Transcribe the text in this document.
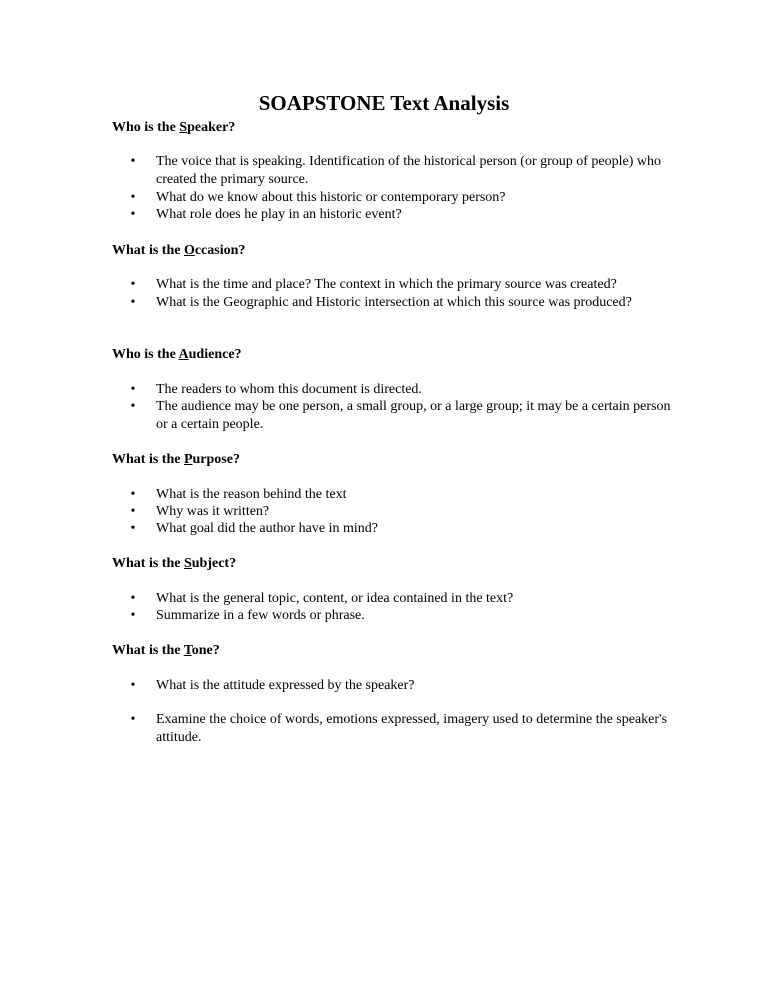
SOAPSTONE Text Analysis
Who is the Speaker?
• The voice that is speaking. Identification of the historical person (or group of people) who created the primary source.
• What do we know about this historic or contemporary person?
• What role does he play in an historic event?
What is the Occasion?
• What is the time and place? The context in which the primary source was created?
• What is the Geographic and Historic intersection at which this source was produced?
Who is the Audience?
• The readers to whom this document is directed.
• The audience may be one person, a small group, or a large group; it may be a certain person or a certain people.
What is the Purpose?
• What is the reason behind the text
• Why was it written?
• What goal did the author have in mind?
What is the Subject?
• What is the general topic, content, or idea contained in the text?
• Summarize in a few words or phrase.
What is the Tone?
• What is the attitude expressed by the speaker?
• Examine the choice of words, emotions expressed, imagery used to determine the speaker's attitude.
